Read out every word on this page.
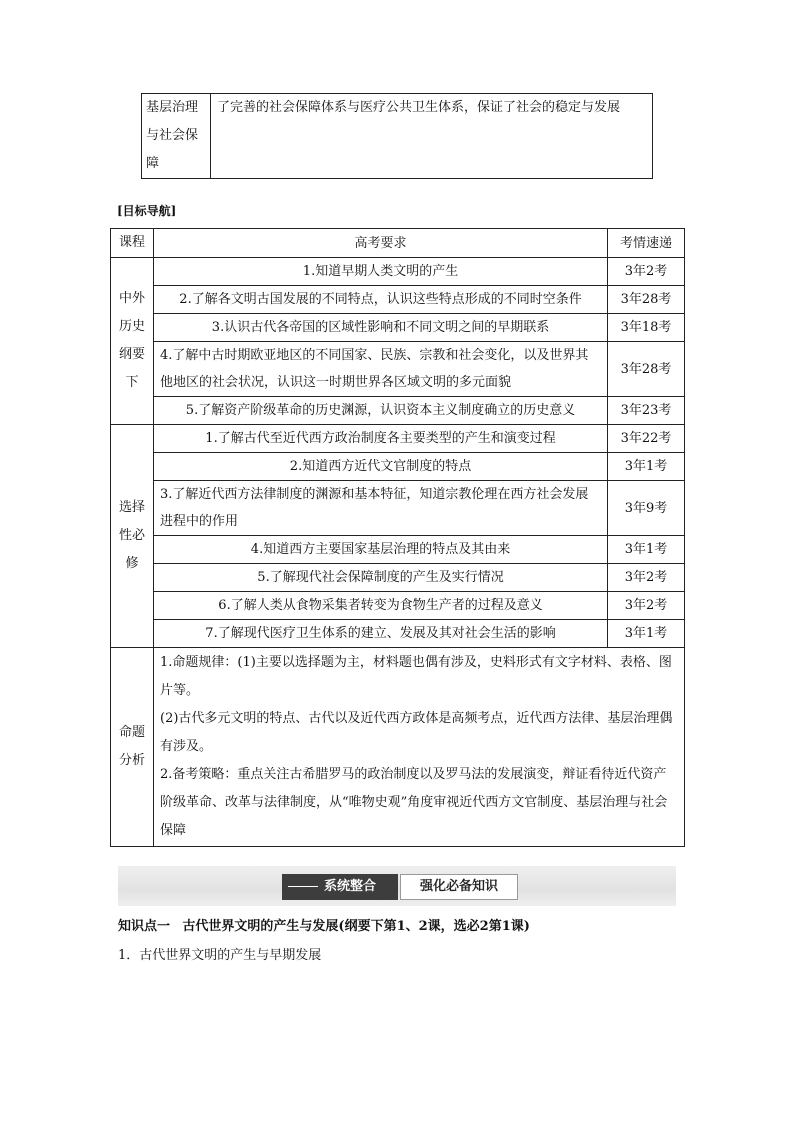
基层治理与社会保障	了完善的社会保障体系与医疗公共卫生体系，保证了社会的稳定与发展
[目标导航]
课程	高考要求	考情速递
中外历史纲要下	1.知道早期人类文明的产生	3年2考
	2.了解各文明古国发展的不同特点，认识这些特点形成的不同时空条件	3年28考
	3.认识古代各帝国的区域性影响和不同文明之间的早期联系	3年18考
	4.了解中古时期欧亚地区的不同国家、民族、宗教和社会变化，以及世界其他地区的社会状况，认识这一时期世界各区域文明的多元面貌	3年28考
	5.了解资产阶级革命的历史渊源，认识资本主义制度确立的历史意义	3年23考
选择性必修	1.了解古代至近代西方政治制度各主要类型的产生和演变过程	3年22考
	2.知道西方近代文官制度的特点	3年1考
	3.了解近代西方法律制度的渊源和基本特征，知道宗教伦理在西方社会发展进程中的作用	3年9考
	4.知道西方主要国家基层治理的特点及其由来	3年1考
	5.了解现代社会保障制度的产生及实行情况	3年2考
	6.了解人类从食物采集者转变为食物生产者的过程及意义	3年2考
	7.了解现代医疗卫生体系的建立、发展及其对社会生活的影响	3年1考
命题分析	1.命题规律：(1)主要以选择题为主，材料题也偶有涉及，史料形式有文字材料、表格、图片等。

(2)古代多元文明的特点、古代以及近代西方政体是高频考点，近代西方法律、基层治理偶有涉及。

2.备考策略：重点关注古希腊罗马的政治制度以及罗马法的发展演变，辩证看待近代资产阶级革命、改革与法律制度，从“唯物史观”角度审视近代西方文官制度、基层治理与社会保障	

系统整合	强化必备知识
知识点一 古代世界文明的产生与发展(纲要下第1、2课，选必2第1课)
1．古代世界文明的产生与早期发展
